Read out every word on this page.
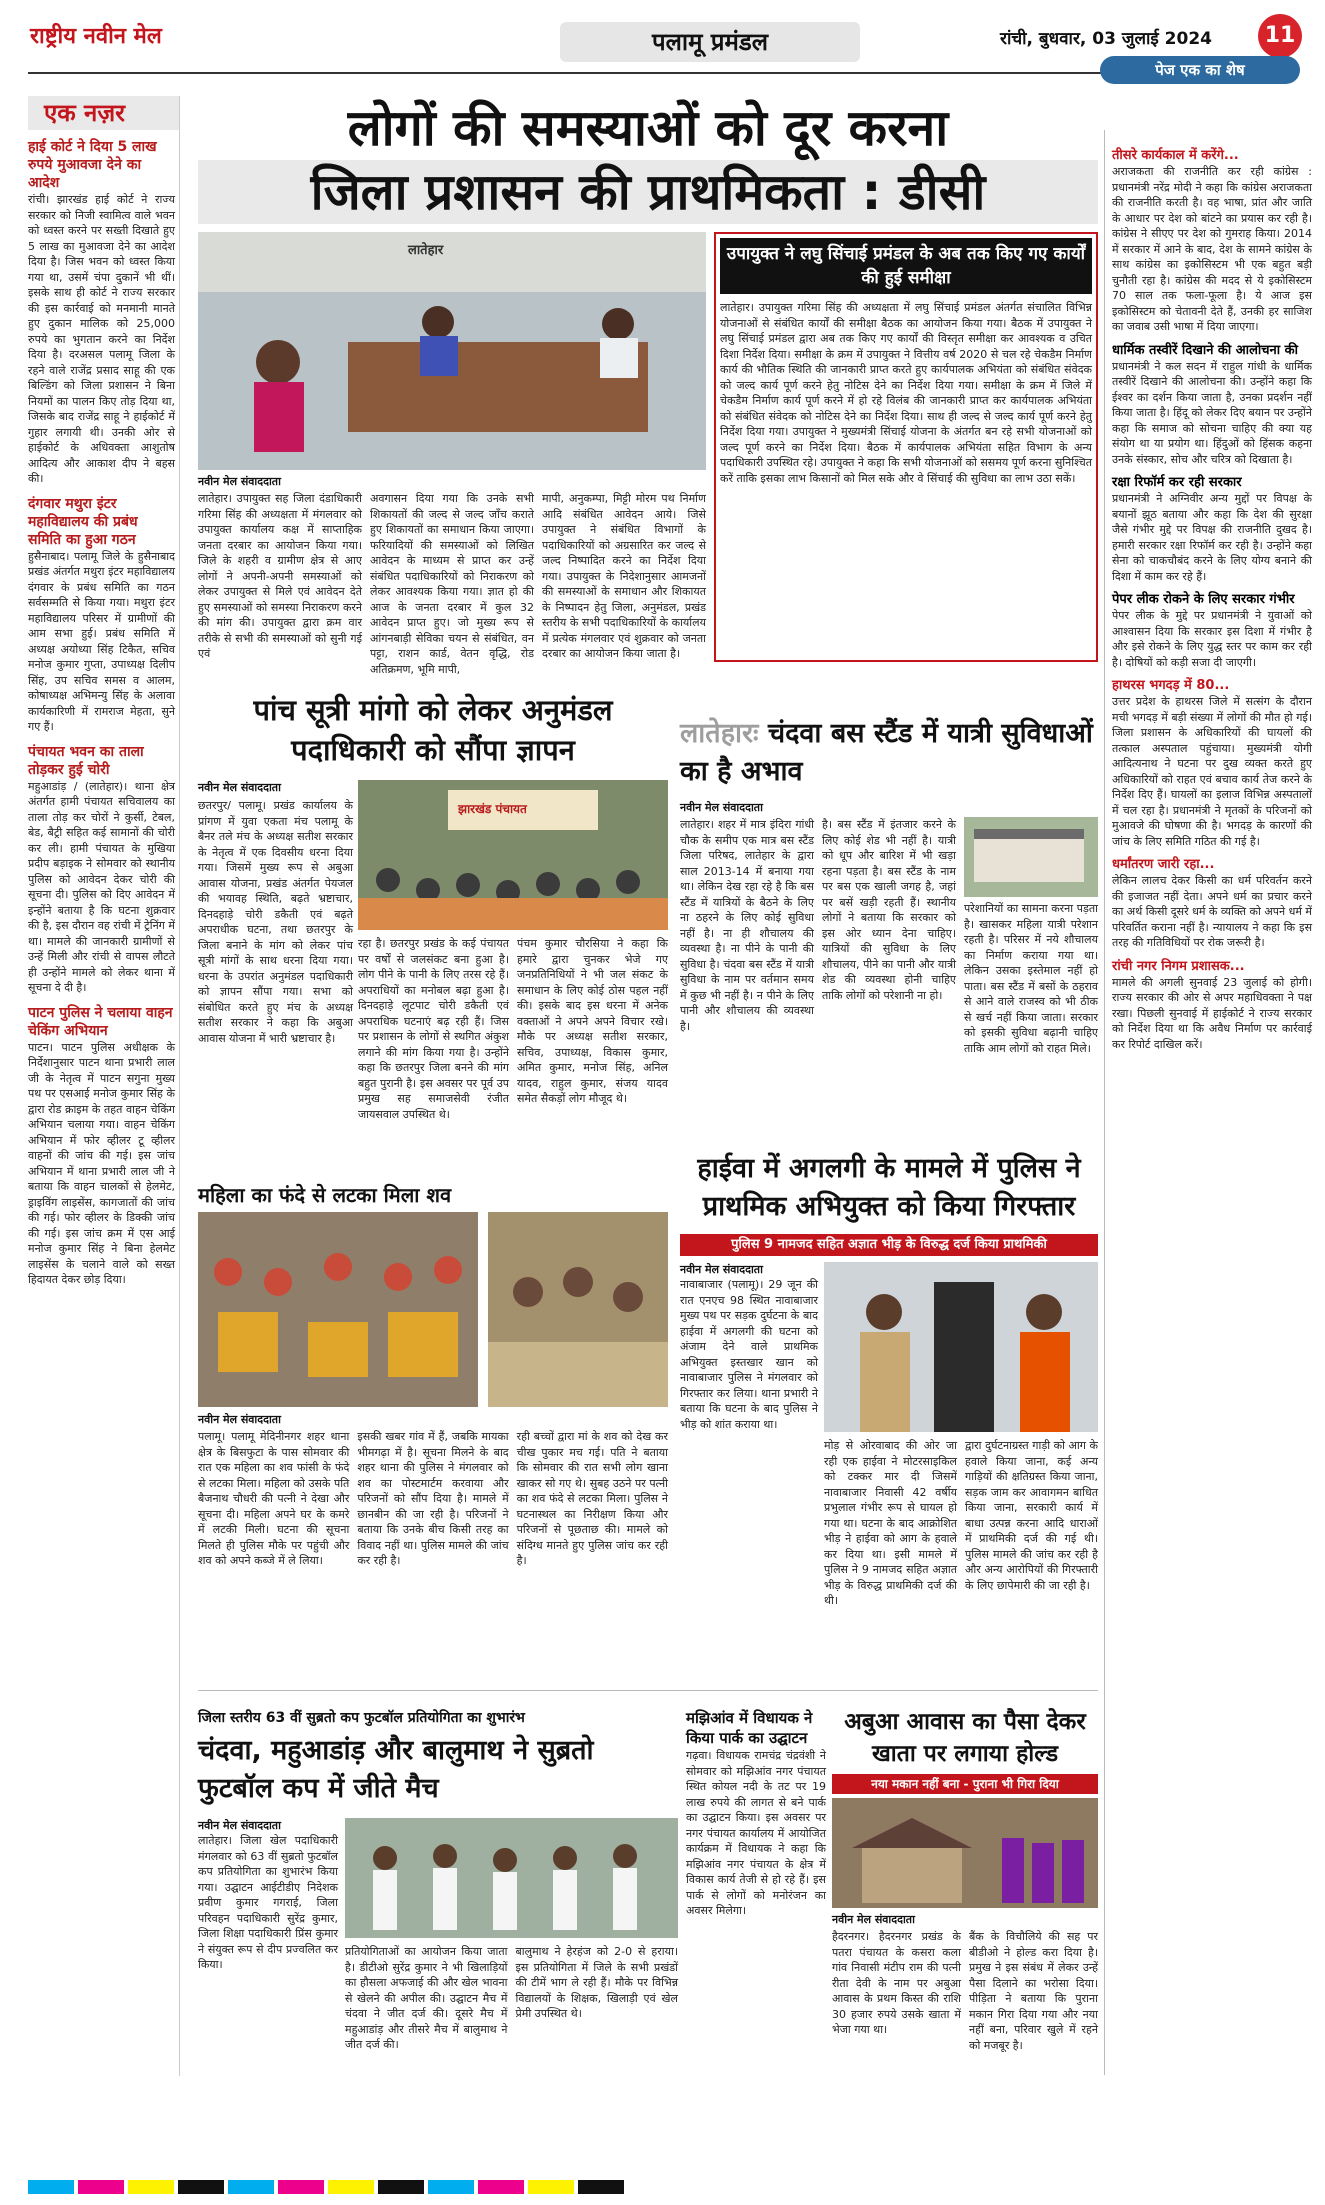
राष्ट्रीय नवीन मेल	पलामू प्रमंडल	रांची, बुधवार, 03 जुलाई 2024	11
पेज एक का शेष
एक नज़र
हाई कोर्ट ने दिया 5 लाख रुपये मुआवजा देने का आदेश
रांची। झारखंड हाई कोर्ट ने राज्य सरकार को निजी स्वामित्व वाले भवन को ध्वस्त करने पर सख्ती दिखाते हुए 5 लाख का मुआवजा देने का आदेश दिया है। जिस भवन को ध्वस्त किया गया था, उसमें चंपा दुकानें भी थीं। इसके साथ ही कोर्ट ने राज्य सरकार की इस कार्रवाई को मनमानी मानते हुए दुकान मालिक को 25,000 रुपये का भुगतान करने का निर्देश दिया है। दरअसल पलामू जिला के रहने वाले राजेंद्र प्रसाद साहू की एक बिल्डिंग को जिला प्रशासन ने बिना नियमों का पालन किए तोड़ दिया था, जिसके बाद राजेंद्र साहू ने हाईकोर्ट में गुहार लगायी थी। उनकी ओर से हाईकोर्ट के अधिवक्ता आशुतोष आदित्य और आकाश दीप ने बहस की।
दंगवार मथुरा इंटर महाविद्यालय की प्रबंध समिति का हुआ गठन
हुसैनाबाद। पलामू जिले के हुसैनाबाद प्रखंड अंतर्गत मथुरा इंटर महाविद्यालय दंगवार के प्रबंध समिति का गठन सर्वसम्मति से किया गया। मथुरा इंटर महाविद्यालय परिसर में ग्रामीणों की आम सभा हुई। प्रबंध समिति में अध्यक्ष अयोध्या सिंह टिकैत, सचिव मनोज कुमार गुप्ता, उपाध्यक्ष दिलीप सिंह, उप सचिव समस व आलम, कोषाध्यक्ष अभिमन्यु सिंह के अलावा कार्यकारिणी में रामराज मेहता, सुने गए हैं।
पंचायत भवन का ताला तोड़कर हुई चोरी
महुआडांड़ / (लातेहार)। थाना क्षेत्र अंतर्गत हामी पंचायत सचिवालय का ताला तोड़ कर चोरों ने कुर्सी, टेबल, बेड, बैट्री सहित कई सामानों की चोरी कर ली। हामी पंचायत के मुखिया प्रदीप बड़ाइक ने सोमवार को स्थानीय पुलिस को आवेदन देकर चोरी की सूचना दी। पुलिस को दिए आवेदन में इन्होंने बताया है कि घटना शुक्रवार की है, इस दौरान वह रांची में ट्रेनिंग में था। मामले की जानकारी ग्रामीणों से उन्हें मिली और रांची से वापस लौटते ही उन्होंने मामले को लेकर थाना में सूचना दे दी है।
पाटन पुलिस ने चलाया वाहन चेकिंग अभियान
पाटन। पाटन पुलिस अधीक्षक के निर्देशानुसार पाटन थाना प्रभारी लाल जी के नेतृत्व में पाटन सगुना मुख्य पथ पर एसआई मनोज कुमार सिंह के द्वारा रोड क्राइम के तहत वाहन चेकिंग अभियान चलाया गया। वाहन चेकिंग अभियान में फोर व्हीलर टू व्हीलर वाहनों की जांच की गई। इस जांच अभियान में थाना प्रभारी लाल जी ने बताया कि वाहन चालकों से हेलमेट, ड्राइविंग लाइसेंस, कागजातों की जांच की गई। फोर व्हीलर के डिक्की जांच की गई। इस जांच क्रम में एस आई मनोज कुमार सिंह ने बिना हेलमेट लाइसेंस के चलाने वाले को सख्त हिदायत देकर छोड़ दिया।
लोगों की समस्याओं को दूर करना
जिला प्रशासन की प्राथमिकता : डीसी
लातेहार
नवीन मेल संवाददाता
लातेहार। उपायुक्त सह जिला दंडाधिकारी गरिमा सिंह की अध्यक्षता में मंगलवार को उपायुक्त कार्यालय कक्ष में साप्ताहिक जनता दरबार का आयोजन किया गया। जिले के शहरी व ग्रामीण क्षेत्र से आए लोगों ने अपनी-अपनी समस्याओं को लेकर उपायुक्त से मिले एवं आवेदन देते हुए समस्याओं को समस्या निराकरण करने की मांग की। उपायुक्त द्वारा क्रम वार तरीके से सभी की समस्याओं को सुनी गई एवं
अवगासन दिया गया कि उनके सभी शिकायतों की जल्द से जल्द जाँच कराते हुए शिकायतों का समाधान किया जाएगा। फरियादियों की समस्याओं को लिखित आवेदन के माध्यम से प्राप्त कर उन्हें संबंधित पदाधिकारियों को निराकरण को लेकर आवश्यक किया गया। ज्ञात हो की आज के जनता दरबार में कुल 32 आवेदन प्राप्त हुए। जो मुख्य रूप से आंगनबाड़ी सेविका चयन से संबंधित, वन पट्टा, राशन कार्ड, वेतन वृद्धि, रोड अतिक्रमण, भूमि मापी,
मापी, अनुकम्पा, मिट्टी मोरम पथ निर्माण आदि संबंधित आवेदन आये। जिसे उपायुक्त ने संबंधित विभागों के पदाधिकारियों को अग्रसारित कर जल्द से जल्द निष्पादित करने का निर्देश दिया गया। उपायुक्त के निदेशानुसार आमजनों की समस्याओं के समाधान और शिकायत के निष्पादन हेतु जिला, अनुमंडल, प्रखंड स्तरीय के सभी पदाधिकारियों के कार्यालय में प्रत्येक मंगलवार एवं शुक्रवार को जनता दरबार का आयोजन किया जाता है।
उपायुक्त ने लघु सिंचाई प्रमंडल के अब तक किए गए कार्यों की हुई समीक्षा
लातेहार। उपायुक्त गरिमा सिंह की अध्यक्षता में लघु सिंचाई प्रमंडल अंतर्गत संचालित विभिन्न योजनाओं से संबंधित कार्यों की समीक्षा बैठक का आयोजन किया गया। बैठक में उपायुक्त ने लघु सिंचाई प्रमंडल द्वारा अब तक किए गए कार्यों की विस्तृत समीक्षा कर आवश्यक व उचित दिशा निर्देश दिया। समीक्षा के क्रम में उपायुक्त ने वित्तीय वर्ष 2020 से चल रहे चेकडैम निर्माण कार्य की भौतिक स्थिति की जानकारी प्राप्त करते हुए कार्यपालक अभियंता को संबंधित संवेदक को जल्द कार्य पूर्ण करने हेतु नोटिस देने का निर्देश दिया गया। समीक्षा के क्रम में जिले में चेकडैम निर्माण कार्य पूर्ण करने में हो रहे विलंब की जानकारी प्राप्त कर कार्यपालक अभियंता को संबंधित संवेदक को नोटिस देने का निर्देश दिया। साथ ही जल्द से जल्द कार्य पूर्ण करने हेतु निर्देश दिया गया। उपायुक्त ने मुख्यमंत्री सिंचाई योजना के अंतर्गत बन रहे सभी योजनाओं को जल्द पूर्ण करने का निर्देश दिया। बैठक में कार्यपालक अभियंता सहित विभाग के अन्य पदाधिकारी उपस्थित रहे। उपायुक्त ने कहा कि सभी योजनाओं को ससमय पूर्ण करना सुनिश्चित करें ताकि इसका लाभ किसानों को मिल सके और वे सिंचाई की सुविधा का लाभ उठा सकें।
पांच सूत्री मांगो को लेकर अनुमंडल पदाधिकारी को सौंपा ज्ञापन
नवीन मेल संवाददाता
छतरपुर/ पलामू। प्रखंड कार्यालय के प्रांगण में युवा एकता मंच पलामू के बैनर तले मंच के अध्यक्ष सतीश सरकार के नेतृत्व में एक दिवसीय धरना दिया गया। जिसमें मुख्य रूप से अबुआ आवास योजना, प्रखंड अंतर्गत पेयजल की भयावह स्थिति, बढ़ते भ्रष्टाचार, दिनदहाड़े चोरी डकैती एवं बढ़ते अपराधीक घटना, तथा छतरपुर के जिला बनाने के मांग को लेकर पांच सूत्री मांगों के साथ धरना दिया गया। धरना के उपरांत अनुमंडल पदाधिकारी को ज्ञापन सौंपा गया। सभा को संबोधित करते हुए मंच के अध्यक्ष सतीश सरकार ने कहा कि अबुआ आवास योजना में भारी भ्रष्टाचार है।
झारखंड पंचायत
रहा है। छतरपुर प्रखंड के कई पंचायत पर वर्षों से जलसंकट बना हुआ है। लोग पीने के पानी के लिए तरस रहे हैं। अपराधियों का मनोबल बढ़ा हुआ है। दिनदहाड़े लूटपाट चोरी डकैती एवं अपराधिक घटनाएं बढ़ रही हैं। जिस पर प्रशासन के लोगों से स्थगित अंकुश लगाने की मांग किया गया है। उन्होंने कहा कि छतरपुर जिला बनने की मांग बहुत पुरानी है। इस अवसर पर पूर्व उप प्रमुख सह समाजसेवी रंजीत जायसवाल उपस्थित थे।
पंचम कुमार चौरसिया ने कहा कि हमारे द्वारा चुनकर भेजे गए जनप्रतिनिधियों ने भी जल संकट के समाधान के लिए कोई ठोस पहल नहीं की। इसके बाद इस धरना में अनेक वक्ताओं ने अपने अपने विचार रखे। मौके पर अध्यक्ष सतीश सरकार, सचिव, उपाध्यक्ष, विकास कुमार, अमित कुमार, मनोज सिंह, अनिल यादव, राहुल कुमार, संजय यादव समेत सैकड़ों लोग मौजूद थे।
लातेहारः चंदवा बस स्टैंड में यात्री सुविधाओं का है अभाव
नवीन मेल संवाददाता
लातेहार। शहर में मात्र इंदिरा गांधी चौक के समीप एक मात्र बस स्टैंड जिला परिषद, लातेहार के द्वारा साल 2013-14 में बनाया गया था। लेकिन देख रहा रहे है कि बस स्टैंड में यात्रियों के बैठने के लिए ना ठहरने के लिए कोई सुविधा नहीं है। ना ही शौचालय की व्यवस्था है। ना पीने के पानी की सुविधा है। चंदवा बस स्टैंड में यात्री सुविधा के नाम पर वर्तमान समय में कुछ भी नहीं है। न पीने के लिए पानी और शौचालय की व्यवस्था है।
है। बस स्टैंड में इंतजार करने के लिए कोई शेड भी नहीं है। यात्री को धूप और बारिश में भी खड़ा रहना पड़ता है। बस स्टैंड के नाम पर बस एक खाली जगह है, जहां पर बसें खड़ी रहती हैं। स्थानीय लोगों ने बताया कि सरकार को इस ओर ध्यान देना चाहिए। यात्रियों की सुविधा के लिए शौचालय, पीने का पानी और यात्री शेड की व्यवस्था होनी चाहिए ताकि लोगों को परेशानी ना हो।
परेशानियों का सामना करना पड़ता है। खासकर महिला यात्री परेशान रहती है। परिसर में नये शौचालय का निर्माण कराया गया था। लेकिन उसका इस्तेमाल नहीं हो पाता। बस स्टैंड में बसों के ठहराव से आने वाले राजस्व को भी ठीक से खर्च नहीं किया जाता। सरकार को इसकी सुविधा बढ़ानी चाहिए ताकि आम लोगों को राहत मिले।
महिला का फंदे से लटका मिला शव
नवीन मेल संवाददाता
पलामू। पलामू मेदिनीनगर शहर थाना क्षेत्र के बिसफुटा के पास सोमवार की रात एक महिला का शव फांसी के फंदे से लटका मिला। महिला को उसके पति बैजनाथ चौधरी की पत्नी ने देखा और सूचना दी। महिला अपने घर के कमरे में लटकी मिली। घटना की सूचना मिलते ही पुलिस मौके पर पहुंची और शव को अपने कब्जे में ले लिया।
इसकी खबर गांव में हैं, जबकि मायका भीमगढ़ा में है। सूचना मिलने के बाद शहर थाना की पुलिस ने मंगलवार को शव का पोस्टमार्टम करवाया और परिजनों को सौंप दिया है। मामले में छानबीन की जा रही है। परिजनों ने बताया कि उनके बीच किसी तरह का विवाद नहीं था। पुलिस मामले की जांच कर रही है।
रही बच्चों द्वारा मां के शव को देख कर चीख पुकार मच गई। पति ने बताया कि सोमवार की रात सभी लोग खाना खाकर सो गए थे। सुबह उठने पर पत्नी का शव फंदे से लटका मिला। पुलिस ने घटनास्थल का निरीक्षण किया और परिजनों से पूछताछ की। मामले को संदिग्ध मानते हुए पुलिस जांच कर रही है।
हाईवा में अगलगी के मामले में पुलिस ने प्राथमिक अभियुक्त को किया गिरफ्तार
पुलिस 9 नामजद सहित अज्ञात भीड़ के विरुद्ध दर्ज किया प्राथमिकी
नवीन मेल संवाददाता
नावाबाजार (पलामू)। 29 जून की रात एनएच 98 स्थित नावाबाजार मुख्य पथ पर सड़क दुर्घटना के बाद हाईवा में अगलगी की घटना को अंजाम देने वाले प्राथमिक अभियुक्त इस्तखार खान को नावाबाजार पुलिस ने मंगलवार को गिरफ्तार कर लिया। थाना प्रभारी ने बताया कि घटना के बाद पुलिस ने भीड़ को शांत कराया था।
मोड़ से ओरवाबाद की ओर जा रही एक हाईवा ने मोटरसाइकिल को टक्कर मार दी जिसमें नावाबाजार निवासी 42 वर्षीय प्रभुलाल गंभीर रूप से घायल हो गया था। घटना के बाद आक्रोशित भीड़ ने हाईवा को आग के हवाले कर दिया था। इसी मामले में पुलिस ने 9 नामजद सहित अज्ञात भीड़ के विरुद्ध प्राथमिकी दर्ज की थी।
द्वारा दुर्घटनाग्रस्त गाड़ी को आग के हवाले किया जाना, कई अन्य गाड़ियों की क्षतिग्रस्त किया जाना, सड़क जाम कर आवागमन बाधित किया जाना, सरकारी कार्य में बाधा उत्पन्न करना आदि धाराओं में प्राथमिकी दर्ज की गई थी। पुलिस मामले की जांच कर रही है और अन्य आरोपियों की गिरफ्तारी के लिए छापेमारी की जा रही है।
जिला स्तरीय 63 वीं सुब्रतो कप फुटबॉल प्रतियोगिता का शुभारंभ
चंदवा, महुआडांड़ और बालुमाथ ने सुब्रतो फुटबॉल कप में जीते मैच
नवीन मेल संवाददाता
लातेहार। जिला खेल पदाधिकारी मंगलवार को 63 वीं सुब्रतो फुटबॉल कप प्रतियोगिता का शुभारंभ किया गया। उद्घाटन आईटीडीए निदेशक प्रवीण कुमार गगराई, जिला परिवहन पदाधिकारी सुरेंद्र कुमार, जिला शिक्षा पदाधिकारी प्रिंस कुमार ने संयुक्त रूप से दीप प्रज्वलित कर किया।
प्रतियोगिताओं का आयोजन किया जाता है। डीटीओ सुरेंद्र कुमार ने भी खिलाड़ियों का हौसला अफजाई की और खेल भावना से खेलने की अपील की। उद्घाटन मैच में चंदवा ने जीत दर्ज की। दूसरे मैच में महुआडांड़ और तीसरे मैच में बालुमाथ ने जीत दर्ज की।
बालुमाथ ने हेरहंज को 2-0 से हराया। इस प्रतियोगिता में जिले के सभी प्रखंडों की टीमें भाग ले रही हैं। मौके पर विभिन्न विद्यालयों के शिक्षक, खिलाड़ी एवं खेल प्रेमी उपस्थित थे।
मझिआंव में विधायक ने किया पार्क का उद्घाटन
गढ़वा। विधायक रामचंद्र चंद्रवंशी ने सोमवार को मझिआंव नगर पंचायत स्थित कोयल नदी के तट पर 19 लाख रुपये की लागत से बने पार्क का उद्घाटन किया। इस अवसर पर नगर पंचायत कार्यालय में आयोजित कार्यक्रम में विधायक ने कहा कि मझिआंव नगर पंचायत के क्षेत्र में विकास कार्य तेजी से हो रहे हैं। इस पार्क से लोगों को मनोरंजन का अवसर मिलेगा।
अबुआ आवास का पैसा देकर खाता पर लगाया होल्ड
नया मकान नहीं बना - पुराना भी गिरा दिया
नवीन मेल संवाददाता
हैदरनगर। हैदरनगर प्रखंड के पतरा पंचायत के कसरा कला गांव निवासी मंटीप राम की पत्नी रीता देवी के नाम पर अबुआ आवास के प्रथम किस्त की राशि 30 हजार रुपये उसके खाता में भेजा गया था।
बैंक के विचौलिये की सह पर बीडीओ ने होल्ड करा दिया है। प्रमुख ने इस संबंध में लेकर उन्हें पैसा दिलाने का भरोसा दिया। पीड़िता ने बताया कि पुराना मकान गिरा दिया गया और नया नहीं बना, परिवार खुले में रहने को मजबूर है।
तीसरे कार्यकाल में करेंगे...
अराजकता की राजनीति कर रही कांग्रेस : प्रधानमंत्री नरेंद्र मोदी ने कहा कि कांग्रेस अराजकता की राजनीति करती है। वह भाषा, प्रांत और जाति के आधार पर देश को बांटने का प्रयास कर रही है। कांग्रेस ने सीएए पर देश को गुमराह किया। 2014 में सरकार में आने के बाद, देश के सामने कांग्रेस के साथ कांग्रेस का इकोसिस्टम भी एक बहुत बड़ी चुनौती रहा है। कांग्रेस की मदद से ये इकोसिस्टम 70 साल तक फला-फूला है। ये आज इस इकोसिस्टम को चेतावनी देते हैं, उनकी हर साजिश का जवाब उसी भाषा में दिया जाएगा।
धार्मिक तस्वीरें दिखाने की आलोचना की
प्रधानमंत्री ने कल सदन में राहुल गांधी के धार्मिक तस्वीरें दिखाने की आलोचना की। उन्होंने कहा कि ईश्वर का दर्शन किया जाता है, उनका प्रदर्शन नहीं किया जाता है। हिंदू को लेकर दिए बयान पर उन्होंने कहा कि समाज को सोचना चाहिए की क्या यह संयोग था या प्रयोग था। हिंदुओं को हिंसक कहना उनके संस्कार, सोच और चरित्र को दिखाता है।
रक्षा रिफॉर्म कर रही सरकार
प्रधानमंत्री ने अग्निवीर अन्य मुद्दों पर विपक्ष के बयानों झूठ बताया और कहा कि देश की सुरक्षा जैसे गंभीर मुद्दे पर विपक्ष की राजनीति दुखद है। हमारी सरकार रक्षा रिफॉर्म कर रही है। उन्होंने कहा सेना को चाकचौबंद करने के लिए योग्य बनाने की दिशा में काम कर रहे हैं।
पेपर लीक रोकने के लिए सरकार गंभीर
पेपर लीक के मुद्दे पर प्रधानमंत्री ने युवाओं को आश्वासन दिया कि सरकार इस दिशा में गंभीर है और इसे रोकने के लिए युद्ध स्तर पर काम कर रही है। दोषियों को कड़ी सजा दी जाएगी।
हाथरस भगदड़ में 80...
उत्तर प्रदेश के हाथरस जिले में सत्संग के दौरान मची भगदड़ में बड़ी संख्या में लोगों की मौत हो गई। जिला प्रशासन के अधिकारियों की घायलों की तत्काल अस्पताल पहुंचाया। मुख्यमंत्री योगी आदित्यनाथ ने घटना पर दुख व्यक्त करते हुए अधिकारियों को राहत एवं बचाव कार्य तेज करने के निर्देश दिए हैं। घायलों का इलाज विभिन्न अस्पतालों में चल रहा है। प्रधानमंत्री ने मृतकों के परिजनों को मुआवजे की घोषणा की है। भगदड़ के कारणों की जांच के लिए समिति गठित की गई है।
धर्मांतरण जारी रहा...
लेकिन लालच देकर किसी का धर्म परिवर्तन करने की इजाजत नहीं देता। अपने धर्म का प्रचार करने का अर्थ किसी दूसरे धर्म के व्यक्ति को अपने धर्म में परिवर्तित कराना नहीं है। न्यायालय ने कहा कि इस तरह की गतिविधियों पर रोक जरूरी है।
रांची नगर निगम प्रशासक...
मामले की अगली सुनवाई 23 जुलाई को होगी। राज्य सरकार की ओर से अपर महाधिवक्ता ने पक्ष रखा। पिछली सुनवाई में हाईकोर्ट ने राज्य सरकार को निर्देश दिया था कि अवैध निर्माण पर कार्रवाई कर रिपोर्ट दाखिल करें।
